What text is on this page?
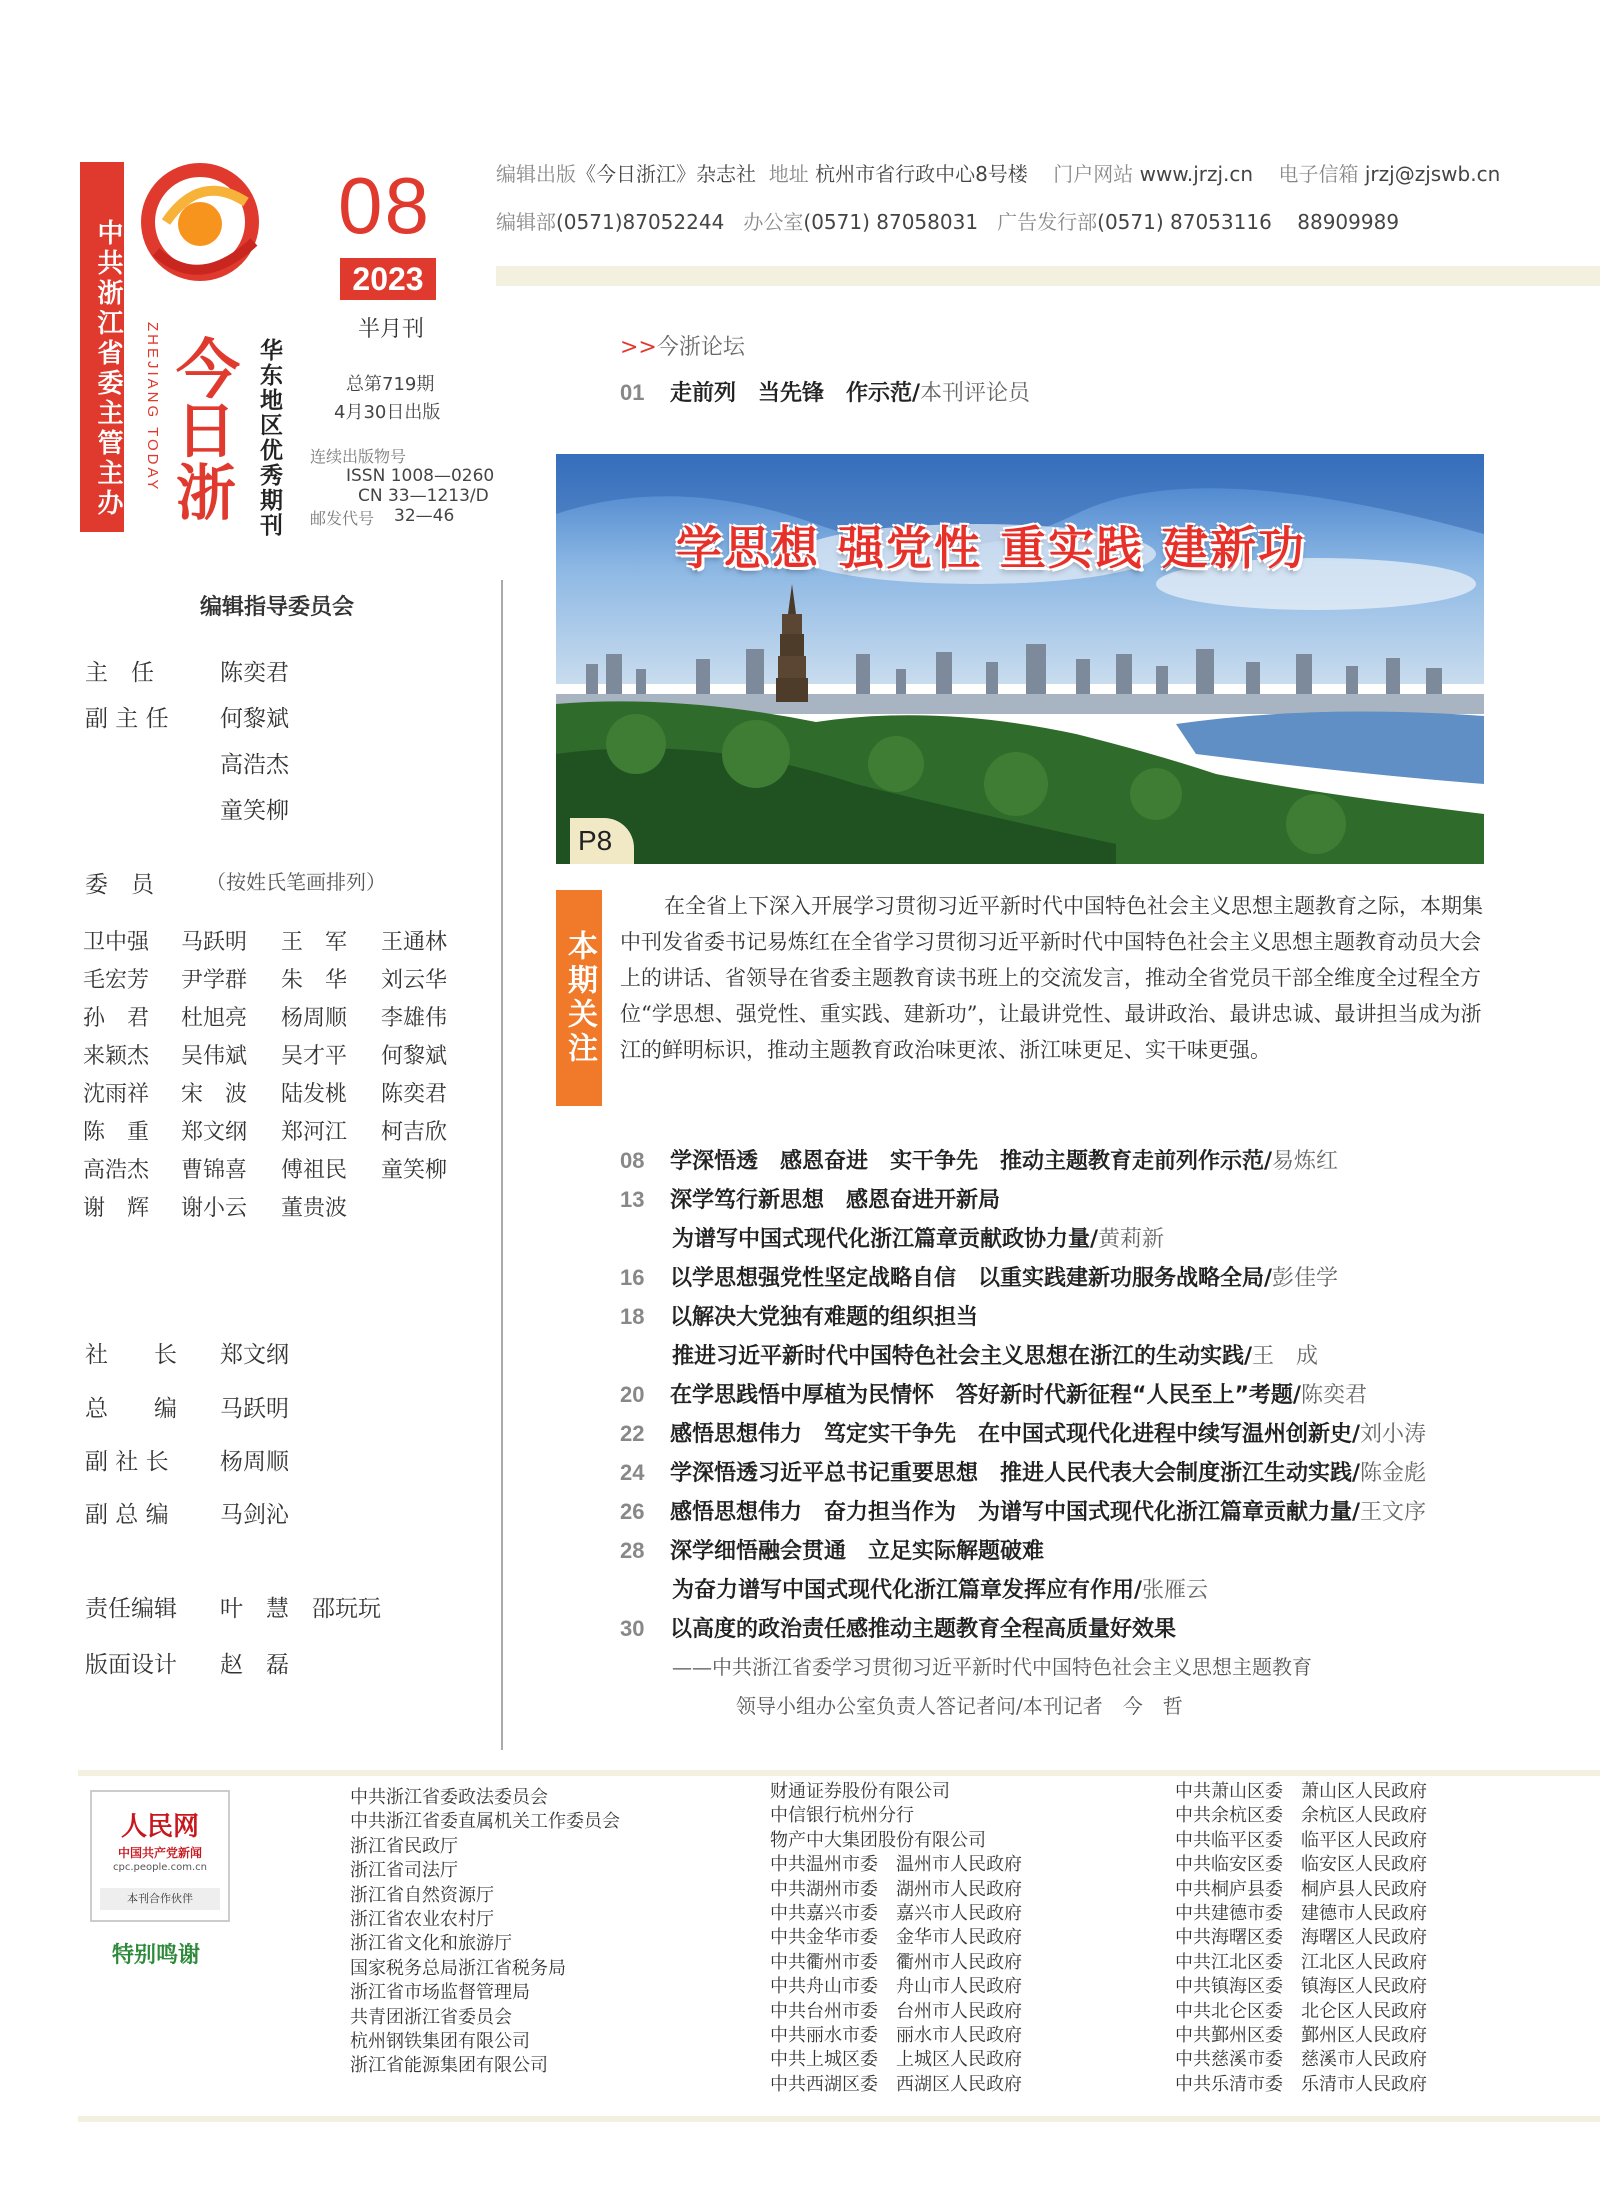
中共浙江省委主管主办 今
日
浙
ZHEJIANG TODAY	华东地区优秀期刊
08
2023
半月刊
总第719期
4月30日出版
连续出版物号
ISSN 1008—0260
CN 33—1213/D
邮发代号 32—46
编辑出版《今日浙江》杂志社 地址 杭州市省行政中心8号楼 门户网站 www.jrzj.cn 电子信箱 jrzj@zjswb.cn
编辑部(0571)87052244 办公室(0571) 87058031 广告发行部(0571) 87053116 88909989
编辑指导委员会
主　任	陈奕君
副 主 任 何黎斌
高浩杰
童笑柳
委　员	（按姓氏笔画排列）
卫中强	马跃明	王　军	王通林
毛宏芳	尹学群	朱　华	刘云华
孙　君	杜旭亮	杨周顺	李雄伟
来颖杰	吴伟斌	吴才平	何黎斌
沈雨祥	宋　波	陆发桃	陈奕君
陈　重	郑文纲	郑河江	柯吉欣
高浩杰	曹锦喜	傅祖民	童笑柳
谢　辉	谢小云	董贵波
社　　长 郑文纲
总　　编 马跃明
副 社 长 杨周顺
副 总 编 马剑沁
责任编辑 叶　慧　邵玩玩
版面设计 赵　磊
>>今浙论坛
01 走前列　当先锋　作示范/本刊评论员
学思想 强党性 重实践 建新功
P8
本期关注
在全省上下深入开展学习贯彻习近平新时代中国特色社会主义思想主题教育之际，本期集中刊发省委书记易炼红在全省学习贯彻习近平新时代中国特色社会主义思想主题教育动员大会上的讲话、省领导在省委主题教育读书班上的交流发言，推动全省党员干部全维度全过程全方位“学思想、强党性、重实践、建新功”，让最讲党性、最讲政治、最讲忠诚、最讲担当成为浙江的鲜明标识，推动主题教育政治味更浓、浙江味更足、实干味更强。
08 学深悟透　感恩奋进　实干争先　推动主题教育走前列作示范/易炼红
13 深学笃行新思想　感恩奋进开新局
为谱写中国式现代化浙江篇章贡献政协力量/黄莉新
16 以学思想强党性坚定战略自信　以重实践建新功服务战略全局/彭佳学
18 以解决大党独有难题的组织担当
推进习近平新时代中国特色社会主义思想在浙江的生动实践/王　成
20 在学思践悟中厚植为民情怀　答好新时代新征程“人民至上”考题/陈奕君
22 感悟思想伟力　笃定实干争先　在中国式现代化进程中续写温州创新史/刘小涛
24 学深悟透习近平总书记重要思想　推进人民代表大会制度浙江生动实践/陈金彪
26 感悟思想伟力　奋力担当作为　为谱写中国式现代化浙江篇章贡献力量/王文序
28 深学细悟融会贯通　立足实际解题破难
为奋力谱写中国式现代化浙江篇章发挥应有作用/张雁云
30 以高度的政治责任感推动主题教育全程高质量好效果
——中共浙江省委学习贯彻习近平新时代中国特色社会主义思想主题教育
领导小组办公室负责人答记者问/本刊记者　今　哲
人民网
中国共产党新闻
cpc.people.com.cn
本刊合作伙伴
特别鸣谢
中共浙江省委政法委员会
中共浙江省委直属机关工作委员会
浙江省民政厅
浙江省司法厅
浙江省自然资源厅
浙江省农业农村厅
浙江省文化和旅游厅
国家税务总局浙江省税务局
浙江省市场监督管理局
共青团浙江省委员会
杭州钢铁集团有限公司
浙江省能源集团有限公司
财通证券股份有限公司
中信银行杭州分行
物产中大集团股份有限公司
中共温州市委　温州市人民政府
中共湖州市委　湖州市人民政府
中共嘉兴市委　嘉兴市人民政府
中共金华市委　金华市人民政府
中共衢州市委　衢州市人民政府
中共舟山市委　舟山市人民政府
中共台州市委　台州市人民政府
中共丽水市委　丽水市人民政府
中共上城区委　上城区人民政府
中共西湖区委　西湖区人民政府
中共萧山区委　萧山区人民政府
中共余杭区委　余杭区人民政府
中共临平区委　临平区人民政府
中共临安区委　临安区人民政府
中共桐庐县委　桐庐县人民政府
中共建德市委　建德市人民政府
中共海曙区委　海曙区人民政府
中共江北区委　江北区人民政府
中共镇海区委　镇海区人民政府
中共北仑区委　北仑区人民政府
中共鄞州区委　鄞州区人民政府
中共慈溪市委　慈溪市人民政府
中共乐清市委　乐清市人民政府
